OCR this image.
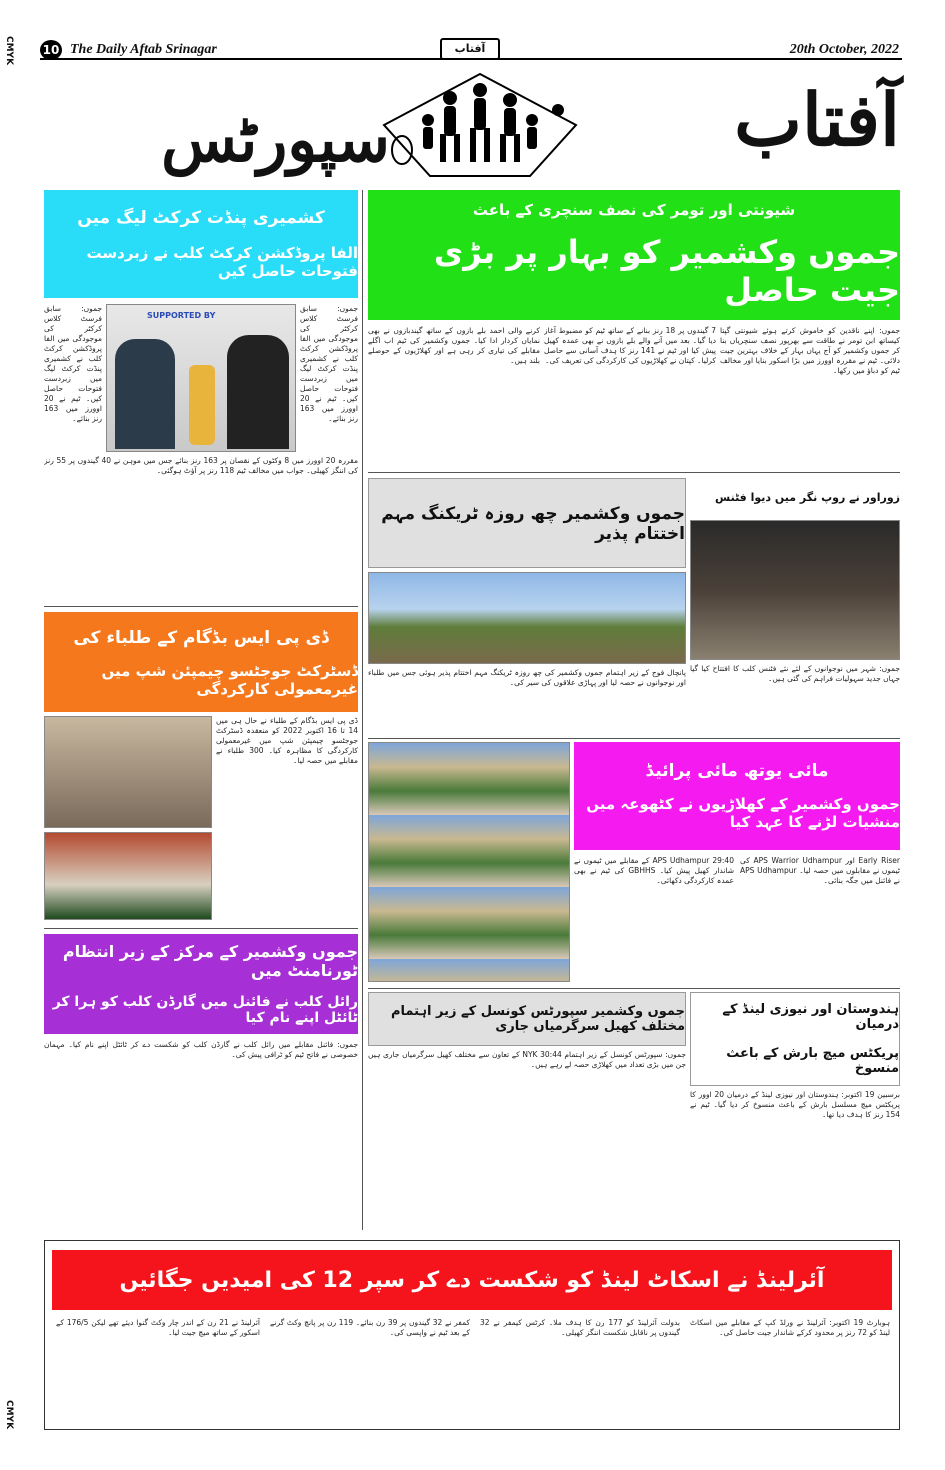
10 The Daily Aftab Srinagar	آفتاب	20th October, 2022
CMYK
CMYK
آفتاب
سپورٹس
شیونتی اور تومر کی نصف سنچری کے باعث
جموں وکشمیر کو بہار پر بڑی جیت حاصل
جموں: اپنے ناقدین کو خاموش کرتے ہوئے شیونتی گپتا کیساتھ ابن تومر نے طاقت سے بھرپور نصف سنچریاں بنا کر جموں وکشمیر کو آج یہاں بہار کے خلاف بہترین جیت دلائی۔ ٹیم نے مقررہ اوورز میں بڑا اسکور بنایا اور مخالف ٹیم کو دباؤ میں رکھا۔
7 گیندوں پر 18 رنز بنانے کے ساتھ ٹیم کو مضبوط آغاز دیا گیا۔ بعد میں آنے والے بلے بازوں نے بھی عمدہ کھیل پیش کیا اور ٹیم نے 141 رنز کا ہدف آسانی سے حاصل کرلیا۔ کپتان نے کھلاڑیوں کی کارکردگی کی تعریف کی۔
کرنے والی احمد بلے بازوں کے ساتھ گیندبازوں نے بھی نمایاں کردار ادا کیا۔ جموں وکشمیر کی ٹیم اب اگلے مقابلے کی تیاری کر رہی ہے اور کھلاڑیوں کے حوصلے بلند ہیں۔
کشمیری پنڈت کرکٹ لیگ میں
الفا پروڈکشن کرکٹ کلب نے زبردست فتوحات حاصل کیں
SUPPORTED BY
جموں: سابق فرسٹ کلاس کرکٹر کی موجودگی میں الفا پروڈکشن کرکٹ کلب نے کشمیری پنڈت کرکٹ لیگ میں زبردست فتوحات حاصل کیں۔ ٹیم نے 20 اوورز میں 163 رنز بنائے۔
جموں: سابق فرسٹ کلاس کرکٹر کی موجودگی میں الفا پروڈکشن کرکٹ کلب نے کشمیری پنڈت کرکٹ لیگ میں زبردست فتوحات حاصل کیں۔ ٹیم نے 20 اوورز میں 163 رنز بنائے۔
مقررہ 20 اوورز میں 8 وکٹوں کے نقصان پر 163 رنز بنائے جس میں موہن نے 40 گیندوں پر 55 رنز کی اننگز کھیلی۔ جواب میں مخالف ٹیم 118 رنز پر آؤٹ ہوگئی۔
جموں وکشمیر چھ روزہ ٹریکنگ مہم اختتام پذیر
پانچال فوج کے زیر اہتمام جموں وکشمیر کی چھ روزہ ٹریکنگ مہم اختتام پذیر ہوئی جس میں طلباء اور نوجوانوں نے حصہ لیا اور پہاڑی علاقوں کی سیر کی۔
زوراور نے روپ نگر میں دیوا فٹنس
جموں: شہر میں نوجوانوں کے لئے نئے فٹنس کلب کا افتتاح کیا گیا جہاں جدید سہولیات فراہم کی گئی ہیں۔
ڈی پی ایس بڈگام کے طلباء کی
ڈسٹرکٹ جوجٹسو چیمپئن شپ میں غیرمعمولی کارکردگی
ڈی پی ایس بڈگام کے طلباء نے حال ہی میں 14 تا 16 اکتوبر 2022 کو منعقدہ ڈسٹرکٹ جوجٹسو چیمپئن شپ میں غیرمعمولی کارکردگی کا مظاہرہ کیا۔ 300 طلباء نے مقابلے میں حصہ لیا۔
مائی یوتھ مائی پرائیڈ
جموں وکشمیر کے کھلاڑیوں نے کٹھوعہ میں منشیات لڑنے کا عہد کیا
29:40 APS Udhampur کے مقابلے میں ٹیموں نے شاندار کھیل پیش کیا۔ GBHHS کی ٹیم نے بھی عمدہ کارکردگی دکھائی۔
Early Riser اور APS Warrior Udhampur کی ٹیموں نے مقابلوں میں حصہ لیا۔ APS Udhampur نے فائنل میں جگہ بنائی۔
جموں وکشمیر کے مرکز کے زیر انتظام ٹورنامنٹ میں
رائل کلب نے فائنل میں گارڈن کلب کو ہرا کر ٹائٹل اپنے نام کیا
جموں: فائنل مقابلے میں رائل کلب نے گارڈن کلب کو شکست دے کر ٹائٹل اپنے نام کیا۔ مہمان خصوصی نے فاتح ٹیم کو ٹرافی پیش کی۔
جموں وکشمیر سپورٹس کونسل کے زیر اہتمام مختلف کھیل سرگرمیاں جاری
جموں: سپورٹس کونسل کے زیر اہتمام 30:44 NYK کے تعاون سے مختلف کھیل سرگرمیاں جاری ہیں جن میں بڑی تعداد میں کھلاڑی حصہ لے رہے ہیں۔
ہندوستان اور نیوزی لینڈ کے درمیان
پریکٹس میچ بارش کے باعث منسوخ
برسبین 19 اکتوبر: ہندوستان اور نیوزی لینڈ کے درمیان 20 اوور کا پریکٹس میچ مسلسل بارش کے باعث منسوخ کر دیا گیا۔ ٹیم نے 154 رنز کا ہدف دیا تھا۔
آئرلینڈ نے اسکاٹ لینڈ کو شکست دے کر سپر 12 کی امیدیں جگائیں
ہوبارٹ 19 اکتوبر: آئرلینڈ نے ورلڈ کپ کے مقابلے میں اسکاٹ لینڈ کو 72 رنز پر محدود کرکے شاندار جیت حاصل کی۔
بدولت آئرلینڈ کو 177 رن کا ہدف ملا۔ کرٹس کیمفر نے 32 گیندوں پر ناقابل شکست اننگز کھیلی۔
کمفر نے 32 گیندوں پر 39 رن بنائے۔ 119 رن پر پانچ وکٹ گرنے کے بعد ٹیم نے واپسی کی۔
آئرلینڈ نے 21 رن کے اندر چار وکٹ گنوا دیئے تھے لیکن 176/5 کے اسکور کے ساتھ میچ جیت لیا۔
